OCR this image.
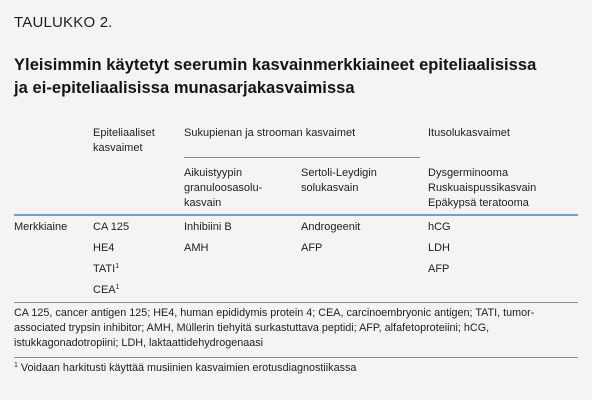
TAULUKKO 2.
Yleisimmin käytetyt seerumin kasvainmerkkiaineet epiteliaalisissa
ja ei-epiteliaalisissa munasarjakasvaimissa
Epiteliaaliset
kasvaimet
Sukupienan ja strooman kasvaimet	Itusolukasvaimet
Aikuistyypin
granuloosasolu-
kasvain
Sertoli-Leydigin
solukasvain
Dysgerminooma
Ruskuaispussikasvain
Epäkypsä teratooma
Merkkiaine CA 125
HE4
TATI$^1$
CEA$^1$
Inhibiini B
AMH
Androgeenit
AFP
hCG
LDH
AFP
CA 125, cancer antigen 125; HE4, human epididymis protein 4; CEA, carcinoembryonic antigen; TATI, tumor-associated trypsin inhibitor; AMH, Müllerin tiehyitä surkastuttava peptidi; AFP, alfafetoproteiini; hCG, istukkagonadotropiini; LDH, laktaattidehydrogenaasi
$^1$ Voidaan harkitusti käyttää musiinien kasvaimien erotusdiagnostiikassa
